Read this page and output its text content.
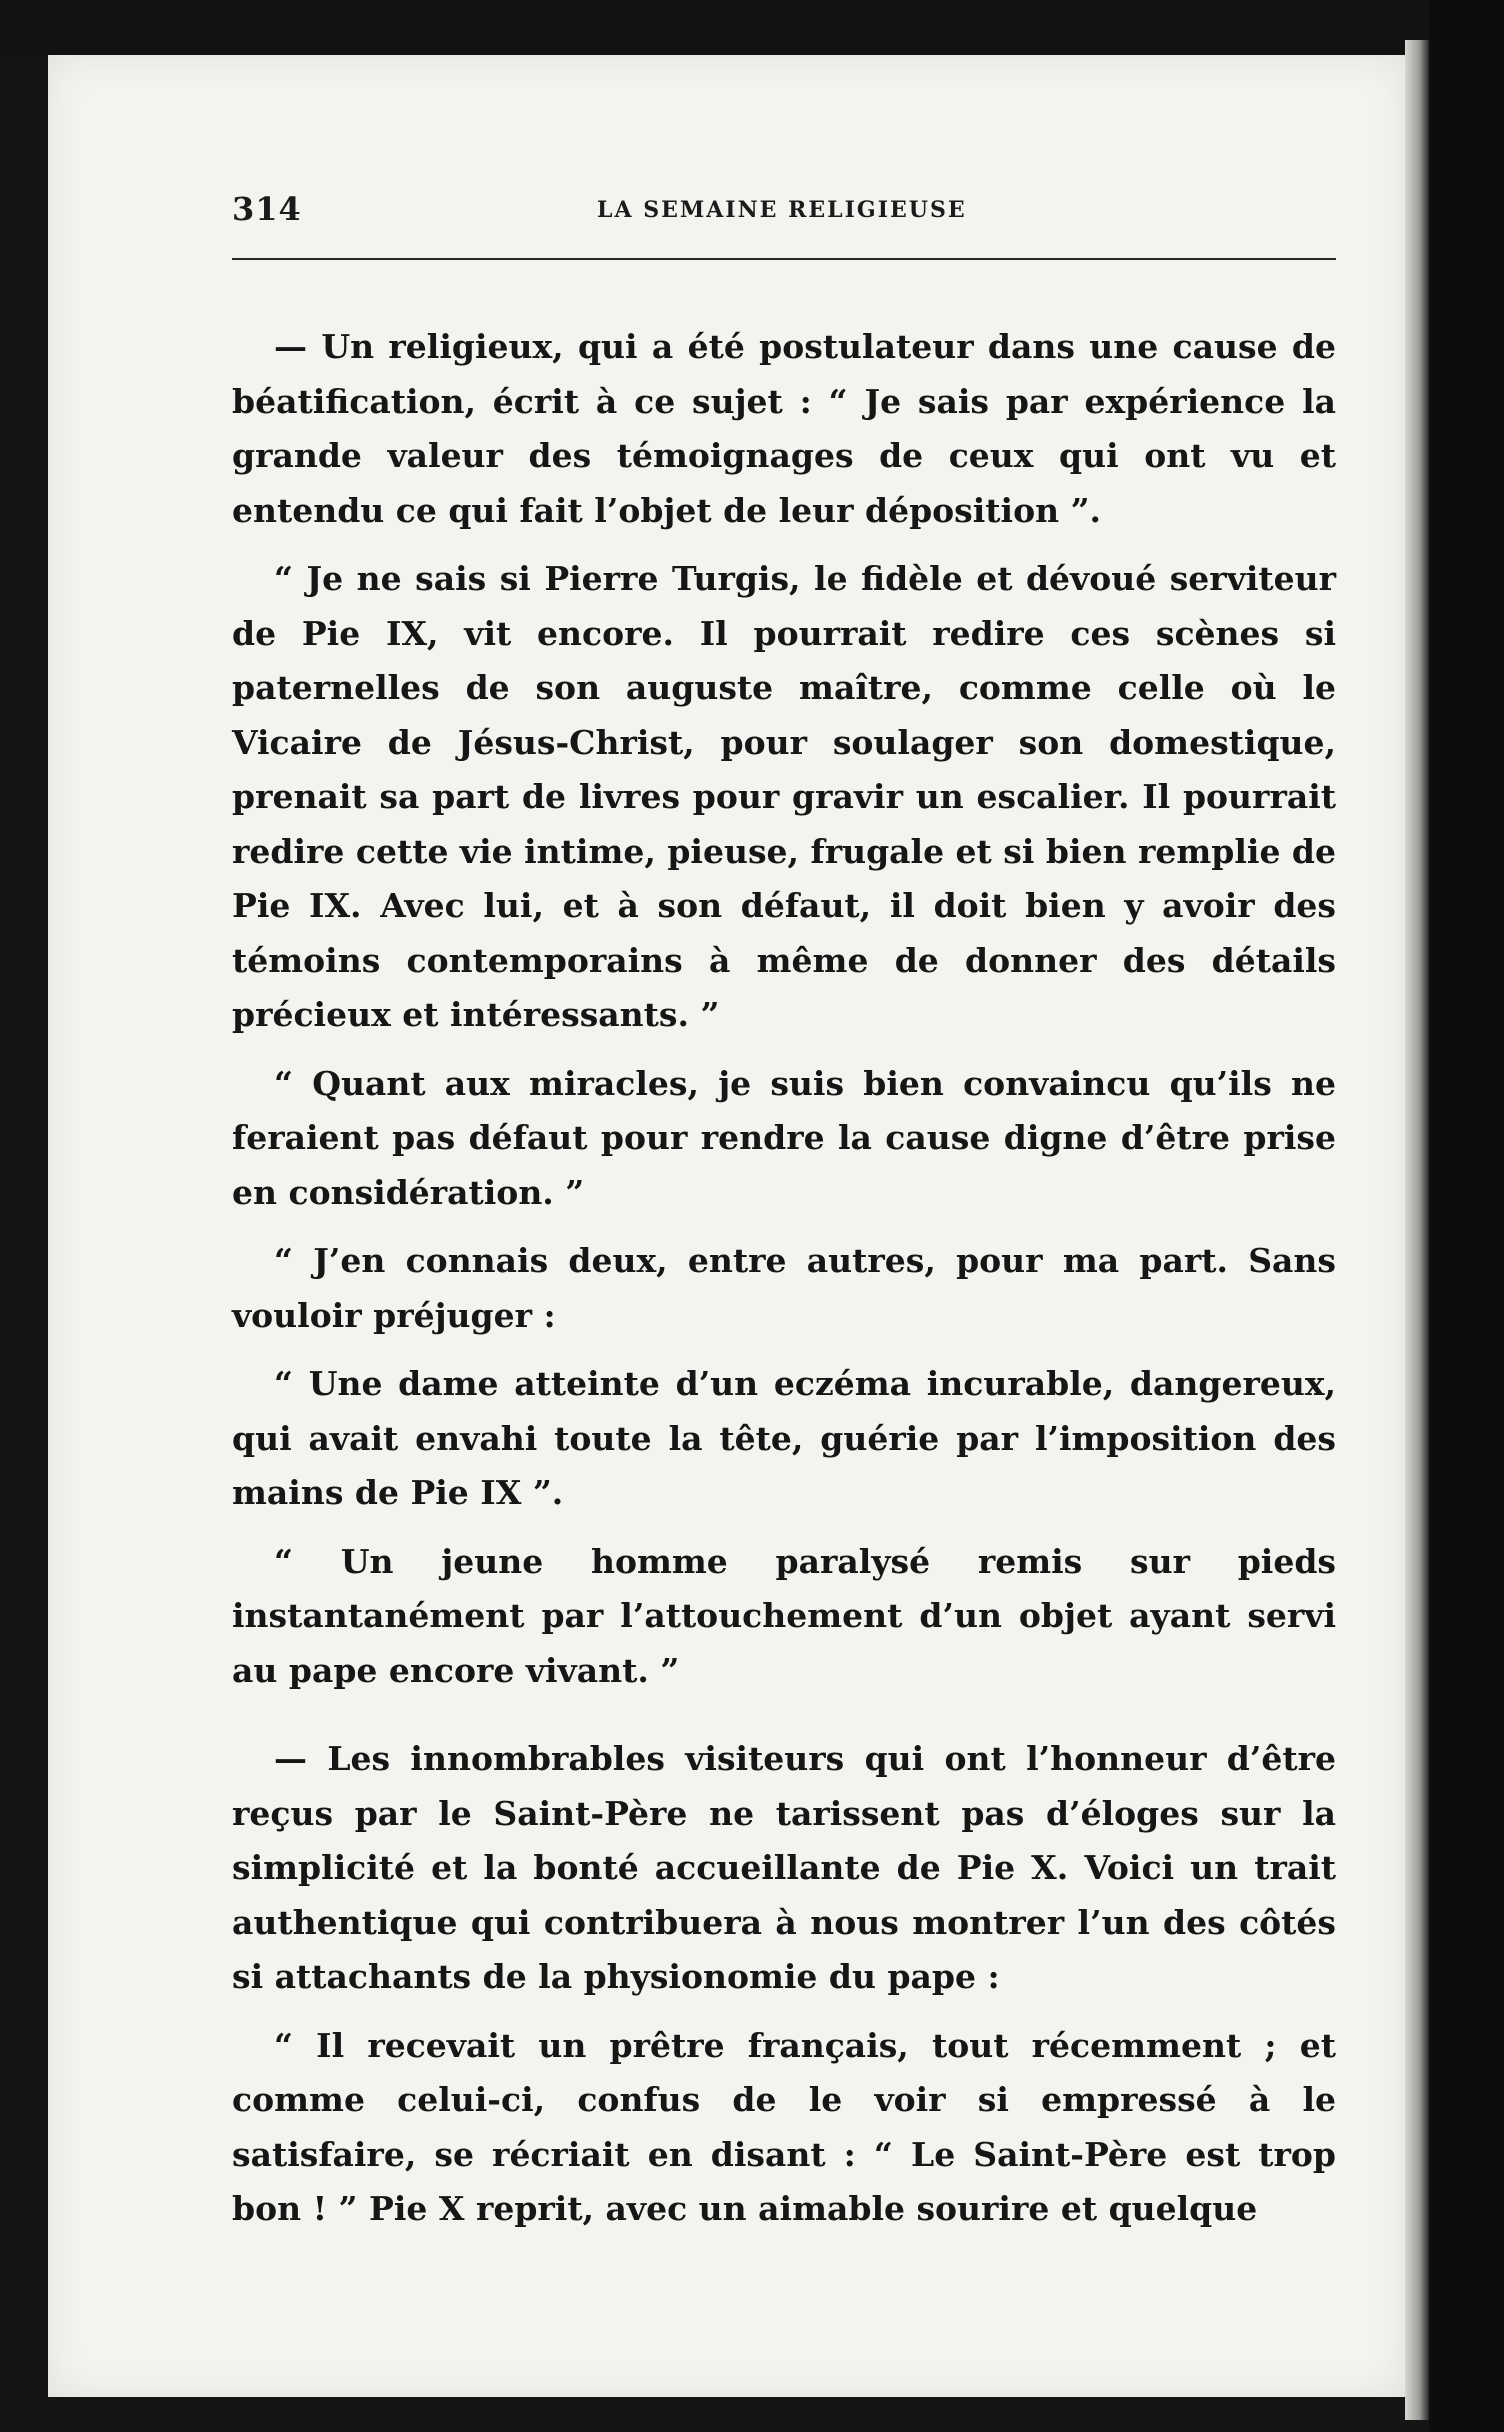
314	LA SEMAINE RELIGIEUSE

— Un religieux, qui a été postulateur dans une cause de béatification, écrit à ce sujet : “ Je sais par expérience la grande valeur des témoignages de ceux qui ont vu et entendu ce qui fait l’objet de leur déposition ”.

“ Je ne sais si Pierre Turgis, le fidèle et dévoué serviteur de Pie IX, vit encore. Il pourrait redire ces scènes si paternelles de son auguste maître, comme celle où le Vicaire de Jésus-Christ, pour soulager son domestique, prenait sa part de livres pour gravir un escalier. Il pourrait redire cette vie intime, pieuse, frugale et si bien remplie de Pie IX. Avec lui, et à son défaut, il doit bien y avoir des témoins contemporains à même de donner des détails précieux et intéressants. ”

“ Quant aux miracles, je suis bien convaincu qu’ils ne feraient pas défaut pour rendre la cause digne d’être prise en considération. ”

“ J’en connais deux, entre autres, pour ma part. Sans vouloir préjuger :

“ Une dame atteinte d’un eczéma incurable, dangereux, qui avait envahi toute la tête, guérie par l’imposition des mains de Pie IX ”.

“ Un jeune homme paralysé remis sur pieds instantanément par l’attouchement d’un objet ayant servi au pape encore vivant. ”

— Les innombrables visiteurs qui ont l’honneur d’être reçus par le Saint-Père ne tarissent pas d’éloges sur la simplicité et la bonté accueillante de Pie X. Voici un trait authentique qui contribuera à nous montrer l’un des côtés si attachants de la physionomie du pape :

“ Il recevait un prêtre français, tout récemment ; et comme celui-ci, confus de le voir si empressé à le satisfaire, se récriait en disant : “ Le Saint-Père est trop bon ! ” Pie X reprit, avec un aimable sourire et quelque
